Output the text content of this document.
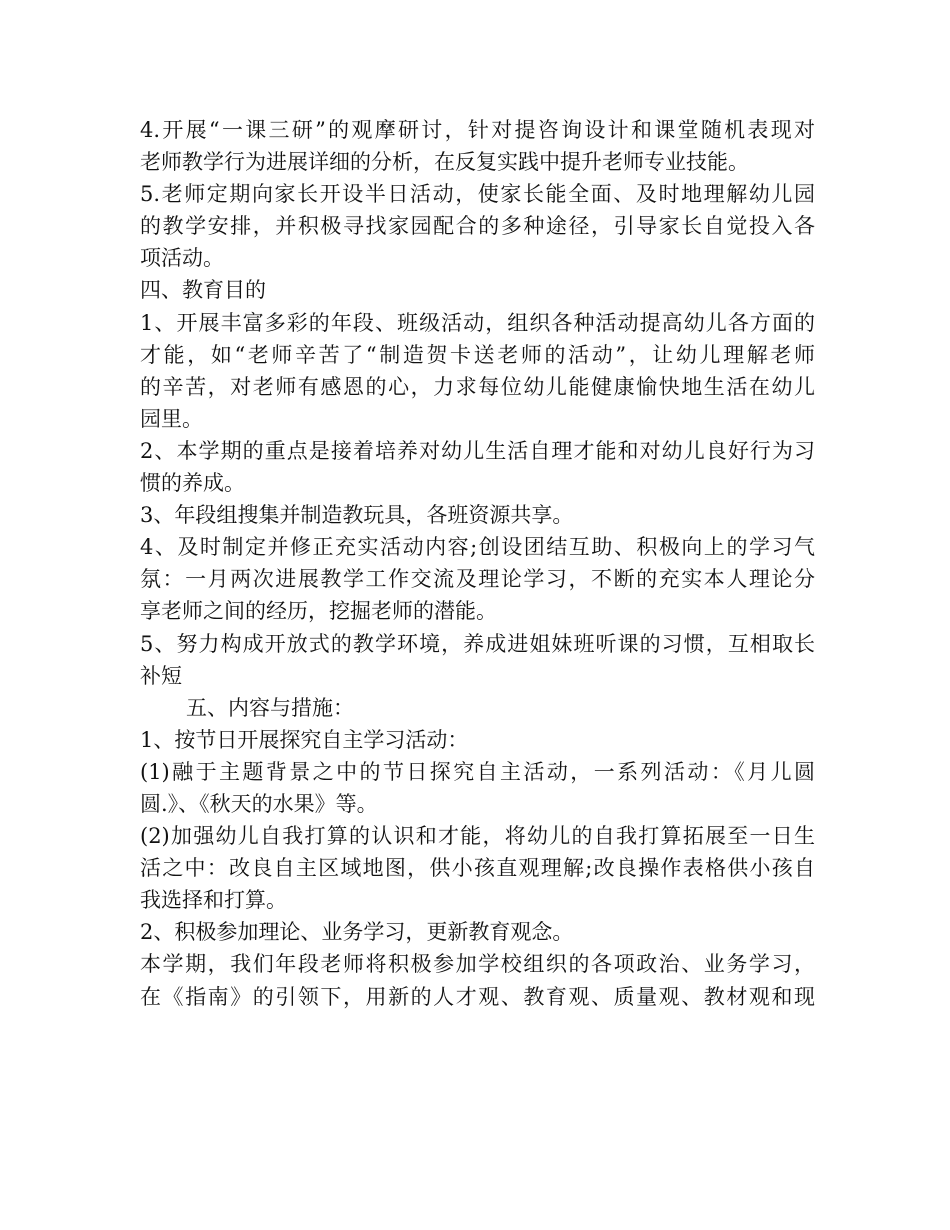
4.开展“一课三研”的观摩研讨，针对提咨询设计和课堂随机表现对
老师教学行为进展详细的分析，在反复实践中提升老师专业技能。
5.老师定期向家长开设半日活动，使家长能全面、及时地理解幼儿园
的教学安排，并积极寻找家园配合的多种途径，引导家长自觉投入各
项活动。
四、教育目的
1、开展丰富多彩的年段、班级活动，组织各种活动提高幼儿各方面的
才能，如“老师辛苦了“制造贺卡送老师的活动”，让幼儿理解老师
的辛苦，对老师有感恩的心，力求每位幼儿能健康愉快地生活在幼儿
园里。
2、本学期的重点是接着培养对幼儿生活自理才能和对幼儿良好行为习
惯的养成。
3、年段组搜集并制造教玩具，各班资源共享。
4、及时制定并修正充实活动内容;创设团结互助、积极向上的学习气
氛：一月两次进展教学工作交流及理论学习，不断的充实本人理论分
享老师之间的经历，挖掘老师的潜能。
5、努力构成开放式的教学环境，养成进姐妹班听课的习惯，互相取长
补短
五、内容与措施：
1、按节日开展探究自主学习活动：
(1)融于主题背景之中的节日探究自主活动，一系列活动：《月儿圆
圆.》、《秋天的水果》等。
(2)加强幼儿自我打算的认识和才能，将幼儿的自我打算拓展至一日生
活之中：改良自主区域地图，供小孩直观理解;改良操作表格供小孩自
我选择和打算。
2、积极参加理论、业务学习，更新教育观念。
本学期，我们年段老师将积极参加学校组织的各项政治、业务学习，
在《指南》的引领下，用新的人才观、教育观、质量观、教材观和现
